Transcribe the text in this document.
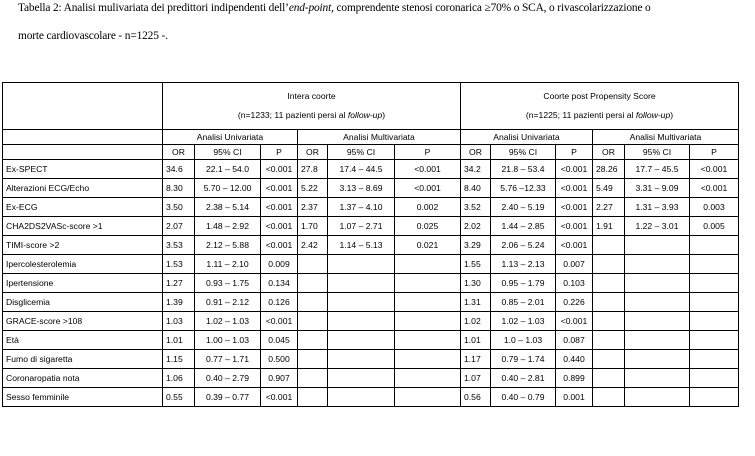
Tabella 2: Analisi mulivariata dei predittori indipendenti dell’end-point, comprendente stenosi coronarica ≥70% o SCA, o rivascolarizzazione o
morte cardiovascolare - n=1225 -.

	Intera coorte
(n=1233; 11 pazienti persi al follow-up)						Coorte post Propensity Score
(n=1225; 11 pazienti persi al follow-up)					

	Analisi Univariata			Analisi Multivariata			Analisi Univariata			Analisi Multivariata		
	OR	95% CI	P	OR	95% CI	P	OR	95% CI	P	OR	95% CI	P
Ex-SPECT	34.6	22.1 – 54.0	<0.001	27.8	17.4 – 44.5	<0.001	34.2	21.8 – 53.4	<0.001	28.26	17.7 – 45.5	<0.001
Alterazioni ECG/Echo	8.30	5.70 – 12.00	<0.001	5.22	3.13 – 8.69	<0.001	8.40	5.76 –12.33	<0.001	5.49	3.31 – 9.09	<0.001
Ex-ECG	3.50	2.38 – 5.14	<0.001	2.37	1.37 – 4.10	0.002	3.52	2.40 – 5.19	<0.001	2.27	1.31 – 3.93	0.003
CHA2DS2VASc-score >1	2.07	1.48 – 2.92	<0.001	1.70	1.07 – 2.71	0.025	2.02	1.44 – 2.85	<0.001	1.91	1.22 – 3.01	0.005
TIMI-score >2	3.53	2.12 – 5.88	<0.001	2.42	1.14 – 5.13	0.021	3.29	2.06 – 5.24	<0.001			
Ipercolesterolemia	1.53	1.11 – 2.10	0.009				1.55	1.13 – 2.13	0.007			
Ipertensione	1.27	0.93 – 1.75	0.134				1.30	0.95 – 1.79	0.103			
Disglicemia	1.39	0.91 – 2.12	0.126				1.31	0.85 – 2.01	0.226			
GRACE-score >108	1.03	1.02 – 1.03	<0.001				1.02	1.02 – 1.03	<0.001			
Età	1.01	1.00 – 1.03	0.045				1.01	1.0 – 1.03	0.087			
Fumo di sigaretta	1.15	0.77 – 1.71	0.500				1.17	0.79 – 1.74	0.440			
Coronaropatia nota	1.06	0.40 – 2.79	0.907				1.07	0.40 – 2.81	0.899			
Sesso femminile	0.55	0.39 – 0.77	<0.001				0.56	0.40 – 0.79	0.001			
